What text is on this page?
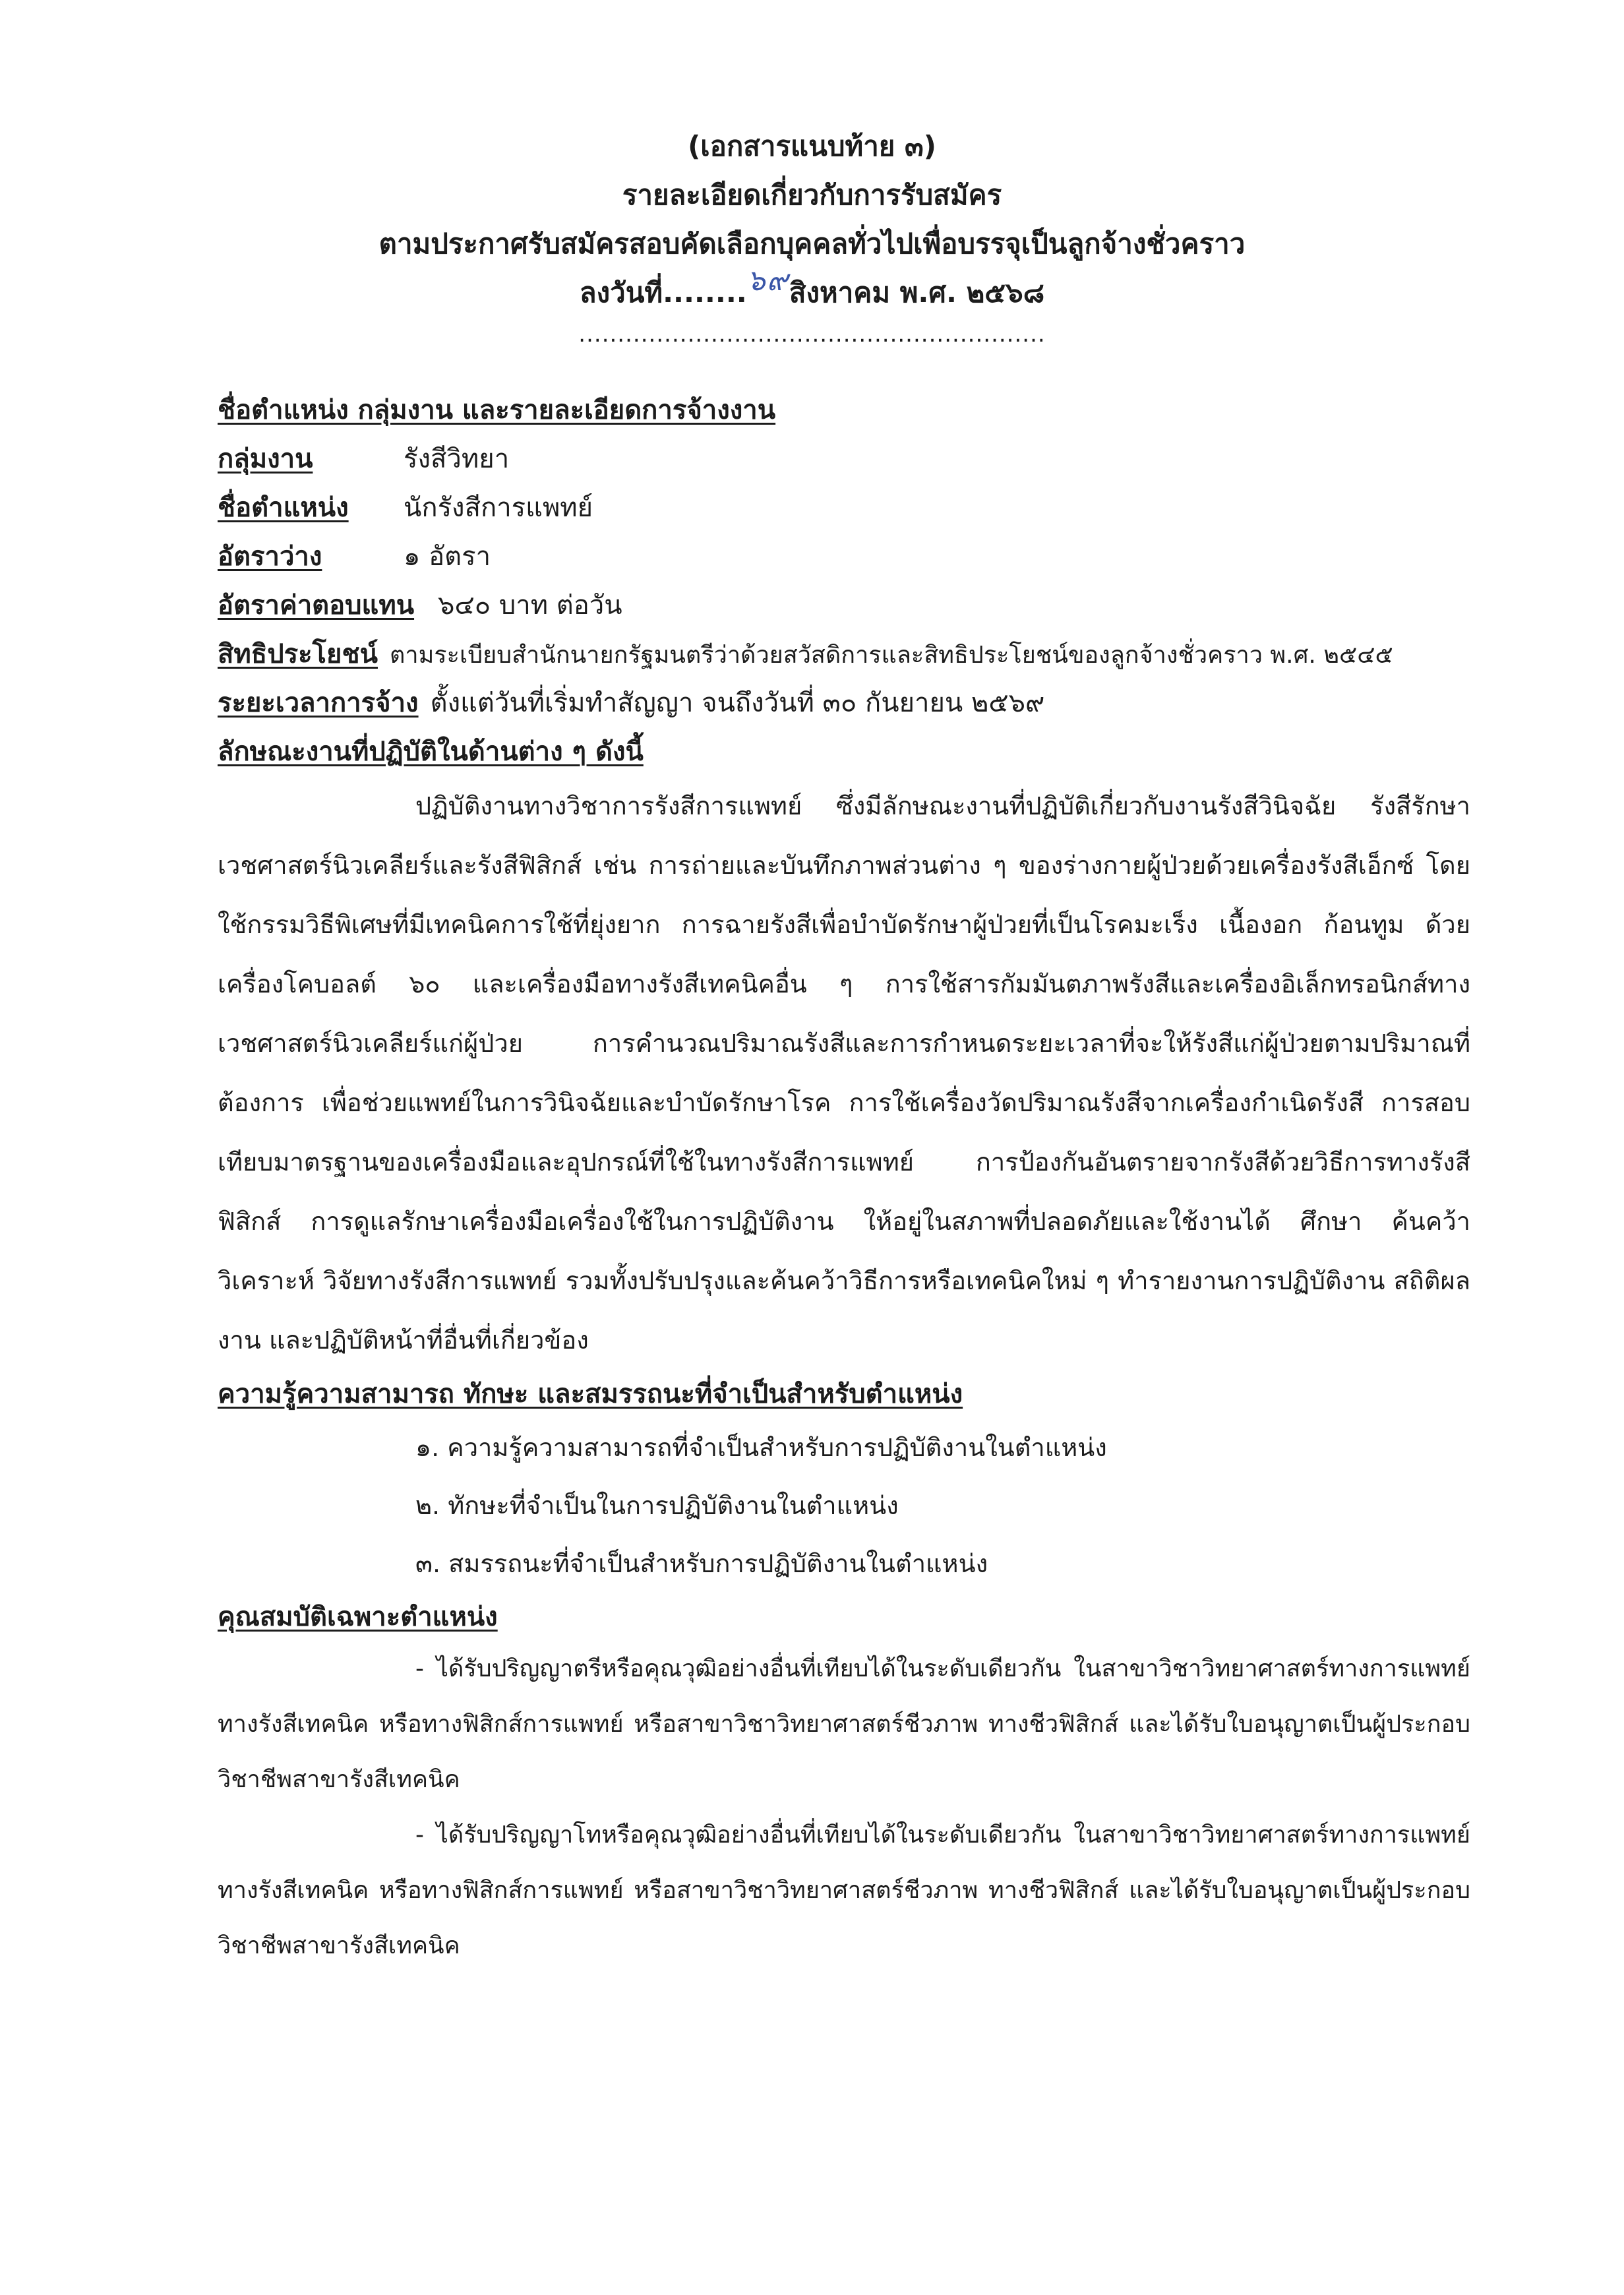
(เอกสารแนบท้าย ๓)
รายละเอียดเกี่ยวกับการรับสมัคร
ตามประกาศรับสมัครสอบคัดเลือกบุคคลทั่วไปเพื่อบรรจุเป็นลูกจ้างชั่วคราว
ลงวันที่........๖๙สิงหาคม พ.ศ. ๒๕๖๘
............................................................
ชื่อตำแหน่ง กลุ่มงาน และรายละเอียดการจ้างงาน
กลุ่มงาน	รังสีวิทยา
ชื่อตำแหน่ง นักรังสีการแพทย์
อัตราว่าง	๑ อัตรา
อัตราค่าตอบแทน ๖๔๐ บาท ต่อวัน
สิทธิประโยชน์ ตามระเบียบสำนักนายกรัฐมนตรีว่าด้วยสวัสดิการและสิทธิประโยชน์ของลูกจ้างชั่วคราว พ.ศ. ๒๕๔๕
ระยะเวลาการจ้าง ตั้งแต่วันที่เริ่มทำสัญญา จนถึงวันที่ ๓๐ กันยายน ๒๕๖๙
ลักษณะงานที่ปฏิบัติในด้านต่าง ๆ ดังนี้

ปฏิบัติงานทางวิชาการรังสีการแพทย์ ซึ่งมีลักษณะงานที่ปฏิบัติเกี่ยวกับงานรังสีวินิจฉัย รังสีรักษา เวชศาสตร์นิวเคลียร์และรังสีฟิสิกส์ เช่น การถ่ายและบันทึกภาพส่วนต่าง ๆ ของร่างกายผู้ป่วยด้วยเครื่องรังสีเอ็กซ์ โดยใช้กรรมวิธีพิเศษที่มีเทคนิคการใช้ที่ยุ่งยาก การฉายรังสีเพื่อบำบัดรักษาผู้ป่วยที่เป็นโรคมะเร็ง เนื้องอก ก้อนทูม ด้วยเครื่องโคบอลต์ ๖๐ และเครื่องมือทางรังสีเทคนิคอื่น ๆ การใช้สารกัมมันตภาพรังสีและเครื่องอิเล็กทรอนิกส์ทางเวชศาสตร์นิวเคลียร์แก่ผู้ป่วย การคำนวณปริมาณรังสีและการกำหนดระยะเวลาที่จะให้รังสีแก่ผู้ป่วยตามปริมาณที่ต้องการ เพื่อช่วยแพทย์ในการวินิจฉัยและบำบัดรักษาโรค การใช้เครื่องวัดปริมาณรังสีจากเครื่องกำเนิดรังสี การสอบเทียบมาตรฐานของเครื่องมือและอุปกรณ์ที่ใช้ในทางรังสีการแพทย์ การป้องกันอันตรายจากรังสีด้วยวิธีการทางรังสีฟิสิกส์ การดูแลรักษาเครื่องมือเครื่องใช้ในการปฏิบัติงาน ให้อยู่ในสภาพที่ปลอดภัยและใช้งานได้ ศึกษา ค้นคว้า วิเคราะห์ วิจัยทางรังสีการแพทย์ รวมทั้งปรับปรุงและค้นคว้าวิธีการหรือเทคนิคใหม่ ๆ ทำรายงานการปฏิบัติงาน สถิติผลงาน และปฏิบัติหน้าที่อื่นที่เกี่ยวข้อง

ความรู้ความสามารถ ทักษะ และสมรรถนะที่จำเป็นสำหรับตำแหน่ง
๑. ความรู้ความสามารถที่จำเป็นสำหรับการปฏิบัติงานในตำแหน่ง
๒. ทักษะที่จำเป็นในการปฏิบัติงานในตำแหน่ง
๓. สมรรถนะที่จำเป็นสำหรับการปฏิบัติงานในตำแหน่ง
คุณสมบัติเฉพาะตำแหน่ง

- ได้รับปริญญาตรีหรือคุณวุฒิอย่างอื่นที่เทียบได้ในระดับเดียวกัน ในสาขาวิชาวิทยาศาสตร์ทางการแพทย์ ทางรังสีเทคนิค หรือทางฟิสิกส์การแพทย์ หรือสาขาวิชาวิทยาศาสตร์ชีวภาพ ทางชีวฟิสิกส์ และได้รับใบอนุญาตเป็นผู้ประกอบวิชาชีพสาขารังสีเทคนิค

- ได้รับปริญญาโทหรือคุณวุฒิอย่างอื่นที่เทียบได้ในระดับเดียวกัน ในสาขาวิชาวิทยาศาสตร์ทางการแพทย์ ทางรังสีเทคนิค หรือทางฟิสิกส์การแพทย์ หรือสาขาวิชาวิทยาศาสตร์ชีวภาพ ทางชีวฟิสิกส์ และได้รับใบอนุญาตเป็นผู้ประกอบวิชาชีพสาขารังสีเทคนิค
